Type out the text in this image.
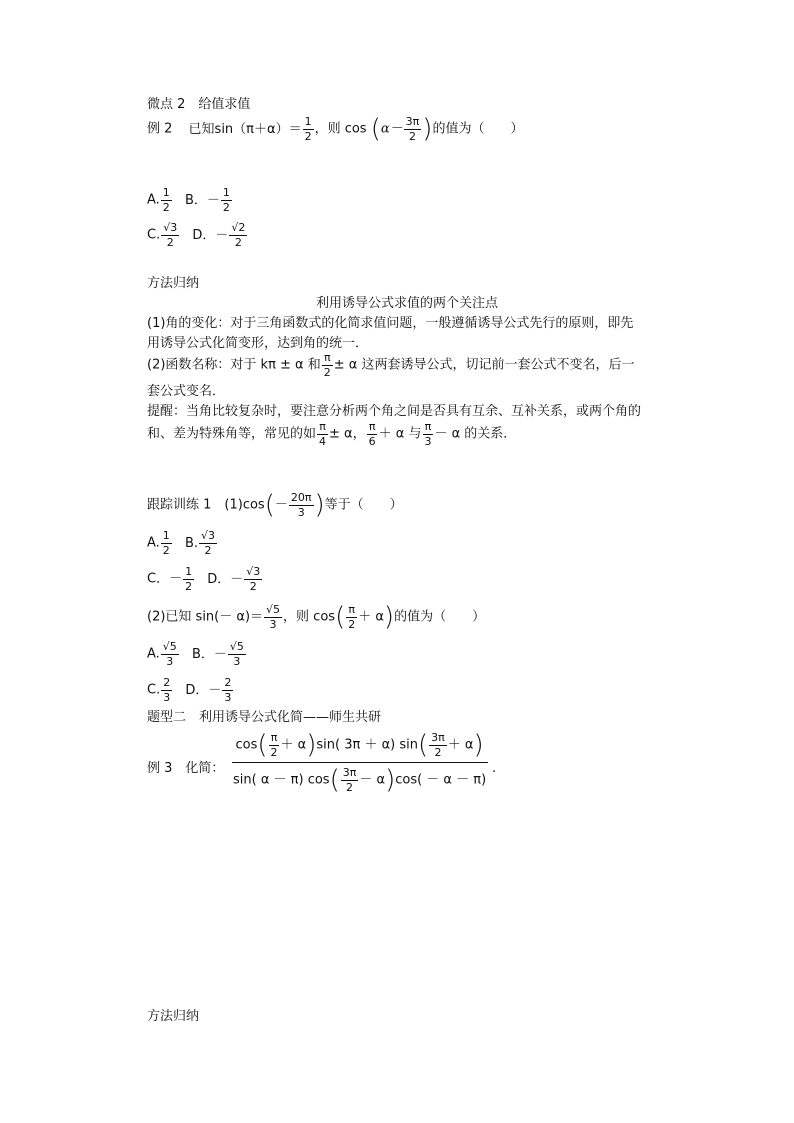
微点 2　给值求值
例 2 已知$\sin(\pi+\alpha)= \frac{1}{2}$ ，则 $\cos (\alpha- \frac{3\pi}{2}$ )的值为（　　）
A. $\frac{1}{2}$ B．－ $\frac{1}{2}$
C. $\frac{√3}{2}$ D．－ $\frac{√2}{2}$
方法归纳
利用诱导公式求值的两个关注点
(1)角的变化：对于三角函数式的化简求值问题，一般遵循诱导公式先行的原则，即先
用诱导公式化简变形，达到角的统一．
(2)函数名称：对于 kπ ± α 和 $\frac{\pi}{2} \pm \alpha$ 这两套诱导公式，切记前一套公式不变名，后一
套公式变名．
提醒：当角比较复杂时，要注意分析两个角之间是否具有互余、互补关系，或两个角的
和、差为特殊角等，常见的如 $\frac{\pi}{4} \pm \alpha$， $\frac{\pi}{6} + \alpha$ 与 $\frac{\pi}{3} - \alpha$ 的关系．
跟踪训练 1　$(1)\cos(- \frac{20\pi}{3}$ )等于（　　）
A. $\frac{1}{2} B$. $\frac{√3}{2}$
C．－ $\frac{1}{2}$ D．－ $\frac{√3}{2}$
(2)已知 $\sin(- \alpha)= \frac{√5}{3}$ ，则 $\cos( \frac{\pi}{2} + \alpha)$的值为（　　）
A. $\frac{√5}{3}$ B．－ $\frac{√5}{3}$
C. $\frac{2}{3}$ D．－ $\frac{2}{3}$
题型二　利用诱导公式化简——师生共研
例 3　化简： $\frac{\cos( \frac{\pi}{2} + \alpha)\sin( 3\pi + \alpha) \sin( \frac{3\pi}{2} + \alpha)}{\sin( \alpha - \pi) \cos( \frac{3\pi}{2} - \alpha)\cos( - \alpha - \pi)}$ .
方法归纳
